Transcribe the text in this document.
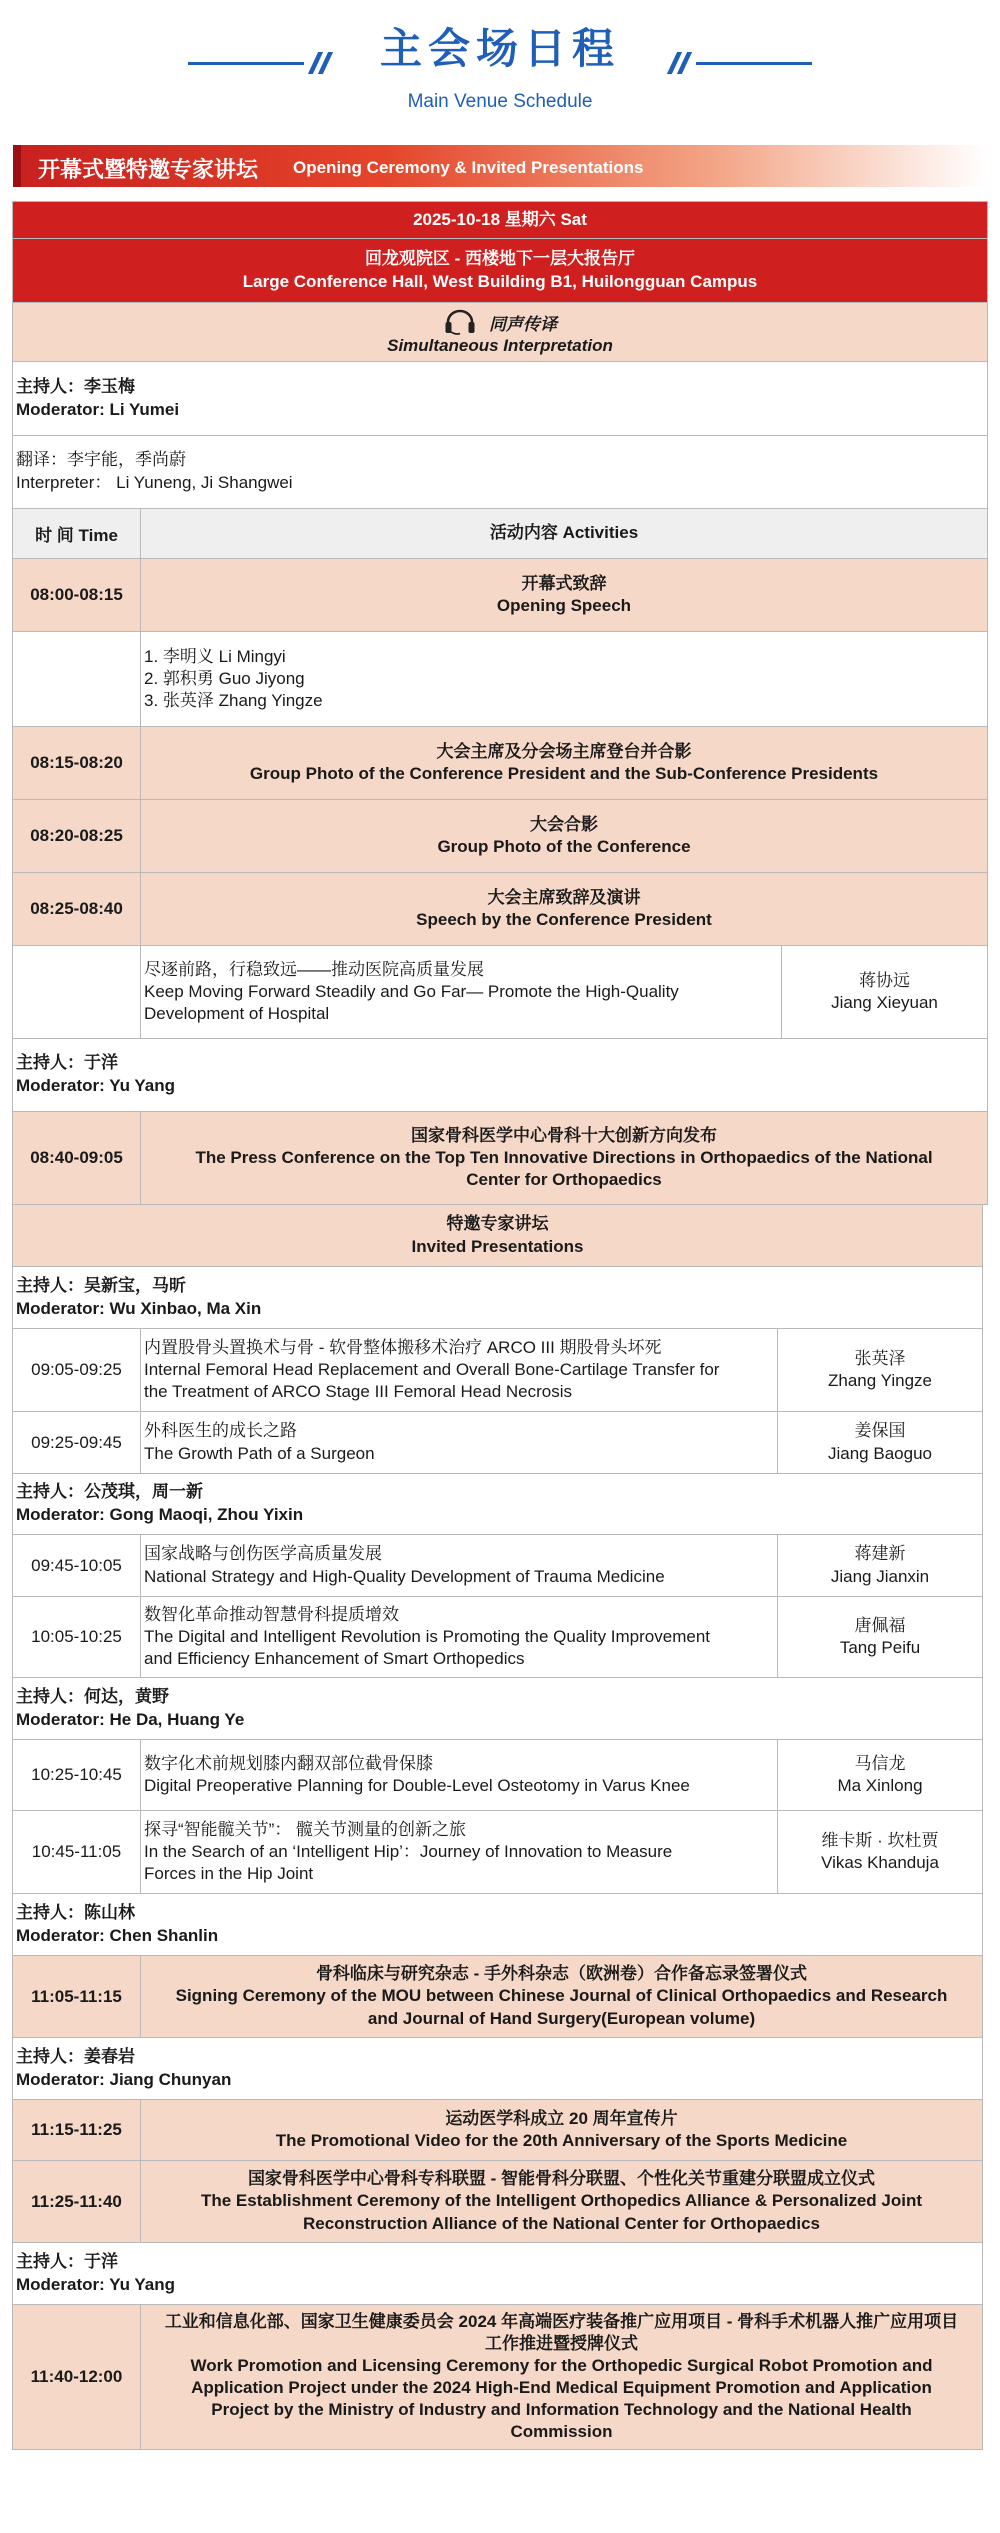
主会场日程
Main Venue Schedule
开幕式暨特邀专家讲坛 Opening Ceremony & Invited Presentations
2025-10-18 星期六 Sat
回龙观院区 - 西楼地下一层大报告厅
Large Conference Hall, West Building B1, Huilongguan Campus
同声传译
Simultaneous Interpretation
主持人：李玉梅
Moderator: Li Yumei
翻译：李宇能，季尚蔚
Interpreter： Li Yuneng, Ji Shangwei
时 间 Time	活动内容 Activities
08:00-08:15
开幕式致辞
Opening Speech
1. 李明义 Li Mingyi
2. 郭积勇 Guo Jiyong
3. 张英泽 Zhang Yingze
08:15-08:20
大会主席及分会场主席登台并合影
Group Photo of the Conference President and the Sub-Conference Presidents
08:20-08:25
大会合影
Group Photo of the Conference
08:25-08:40
大会主席致辞及演讲
Speech by the Conference President
尽逐前路，行稳致远——推动医院高质量发展
Keep Moving Forward Steadily and Go Far— Promote the High-Quality
Development of Hospital
蒋协远
Jiang Xieyuan
主持人：于洋
Moderator: Yu Yang
08:40-09:05
国家骨科医学中心骨科十大创新方向发布
The Press Conference on the Top Ten Innovative Directions in Orthopaedics of the National
Center for Orthopaedics
特邀专家讲坛
Invited Presentations
主持人：吴新宝，马昕
Moderator: Wu Xinbao, Ma Xin
09:05-09:25
内置股骨头置换术与骨 - 软骨整体搬移术治疗 ARCO III 期股骨头坏死
Internal Femoral Head Replacement and Overall Bone-Cartilage Transfer for
the Treatment of ARCO Stage III Femoral Head Necrosis
张英泽
Zhang Yingze
09:25-09:45
外科医生的成长之路
The Growth Path of a Surgeon
姜保国
Jiang Baoguo
主持人：公茂琪，周一新
Moderator: Gong Maoqi, Zhou Yixin
09:45-10:05
国家战略与创伤医学高质量发展
National Strategy and High-Quality Development of Trauma Medicine
蒋建新
Jiang Jianxin
10:05-10:25
数智化革命推动智慧骨科提质增效
The Digital and Intelligent Revolution is Promoting the Quality Improvement
and Efficiency Enhancement of Smart Orthopedics
唐佩福
Tang Peifu
主持人：何达，黄野
Moderator: He Da, Huang Ye
10:25-10:45
数字化术前规划膝内翻双部位截骨保膝
Digital Preoperative Planning for Double-Level Osteotomy in Varus Knee
马信龙
Ma Xinlong
10:45-11:05
探寻“智能髋关节”： 髋关节测量的创新之旅
In the Search of an ‘Intelligent Hip’：Journey of Innovation to Measure
Forces in the Hip Joint
维卡斯 · 坎杜贾
Vikas Khanduja
主持人：陈山林
Moderator: Chen Shanlin
11:05-11:15
骨科临床与研究杂志 - 手外科杂志（欧洲卷）合作备忘录签署仪式
Signing Ceremony of the MOU between Chinese Journal of Clinical Orthopaedics and Research
and Journal of Hand Surgery(European volume)
主持人：姜春岩
Moderator: Jiang Chunyan
11:15-11:25
运动医学科成立 20 周年宣传片
The Promotional Video for the 20th Anniversary of the Sports Medicine
11:25-11:40
国家骨科医学中心骨科专科联盟 - 智能骨科分联盟、个性化关节重建分联盟成立仪式
The Establishment Ceremony of the Intelligent Orthopedics Alliance & Personalized Joint
Reconstruction Alliance of the National Center for Orthopaedics
主持人：于洋
Moderator: Yu Yang
11:40-12:00
工业和信息化部、国家卫生健康委员会 2024 年高端医疗装备推广应用项目 - 骨科手术机器人推广应用项目
工作推进暨授牌仪式
Work Promotion and Licensing Ceremony for the Orthopedic Surgical Robot Promotion and
Application Project under the 2024 High-End Medical Equipment Promotion and Application
Project by the Ministry of Industry and Information Technology and the National Health
Commission
